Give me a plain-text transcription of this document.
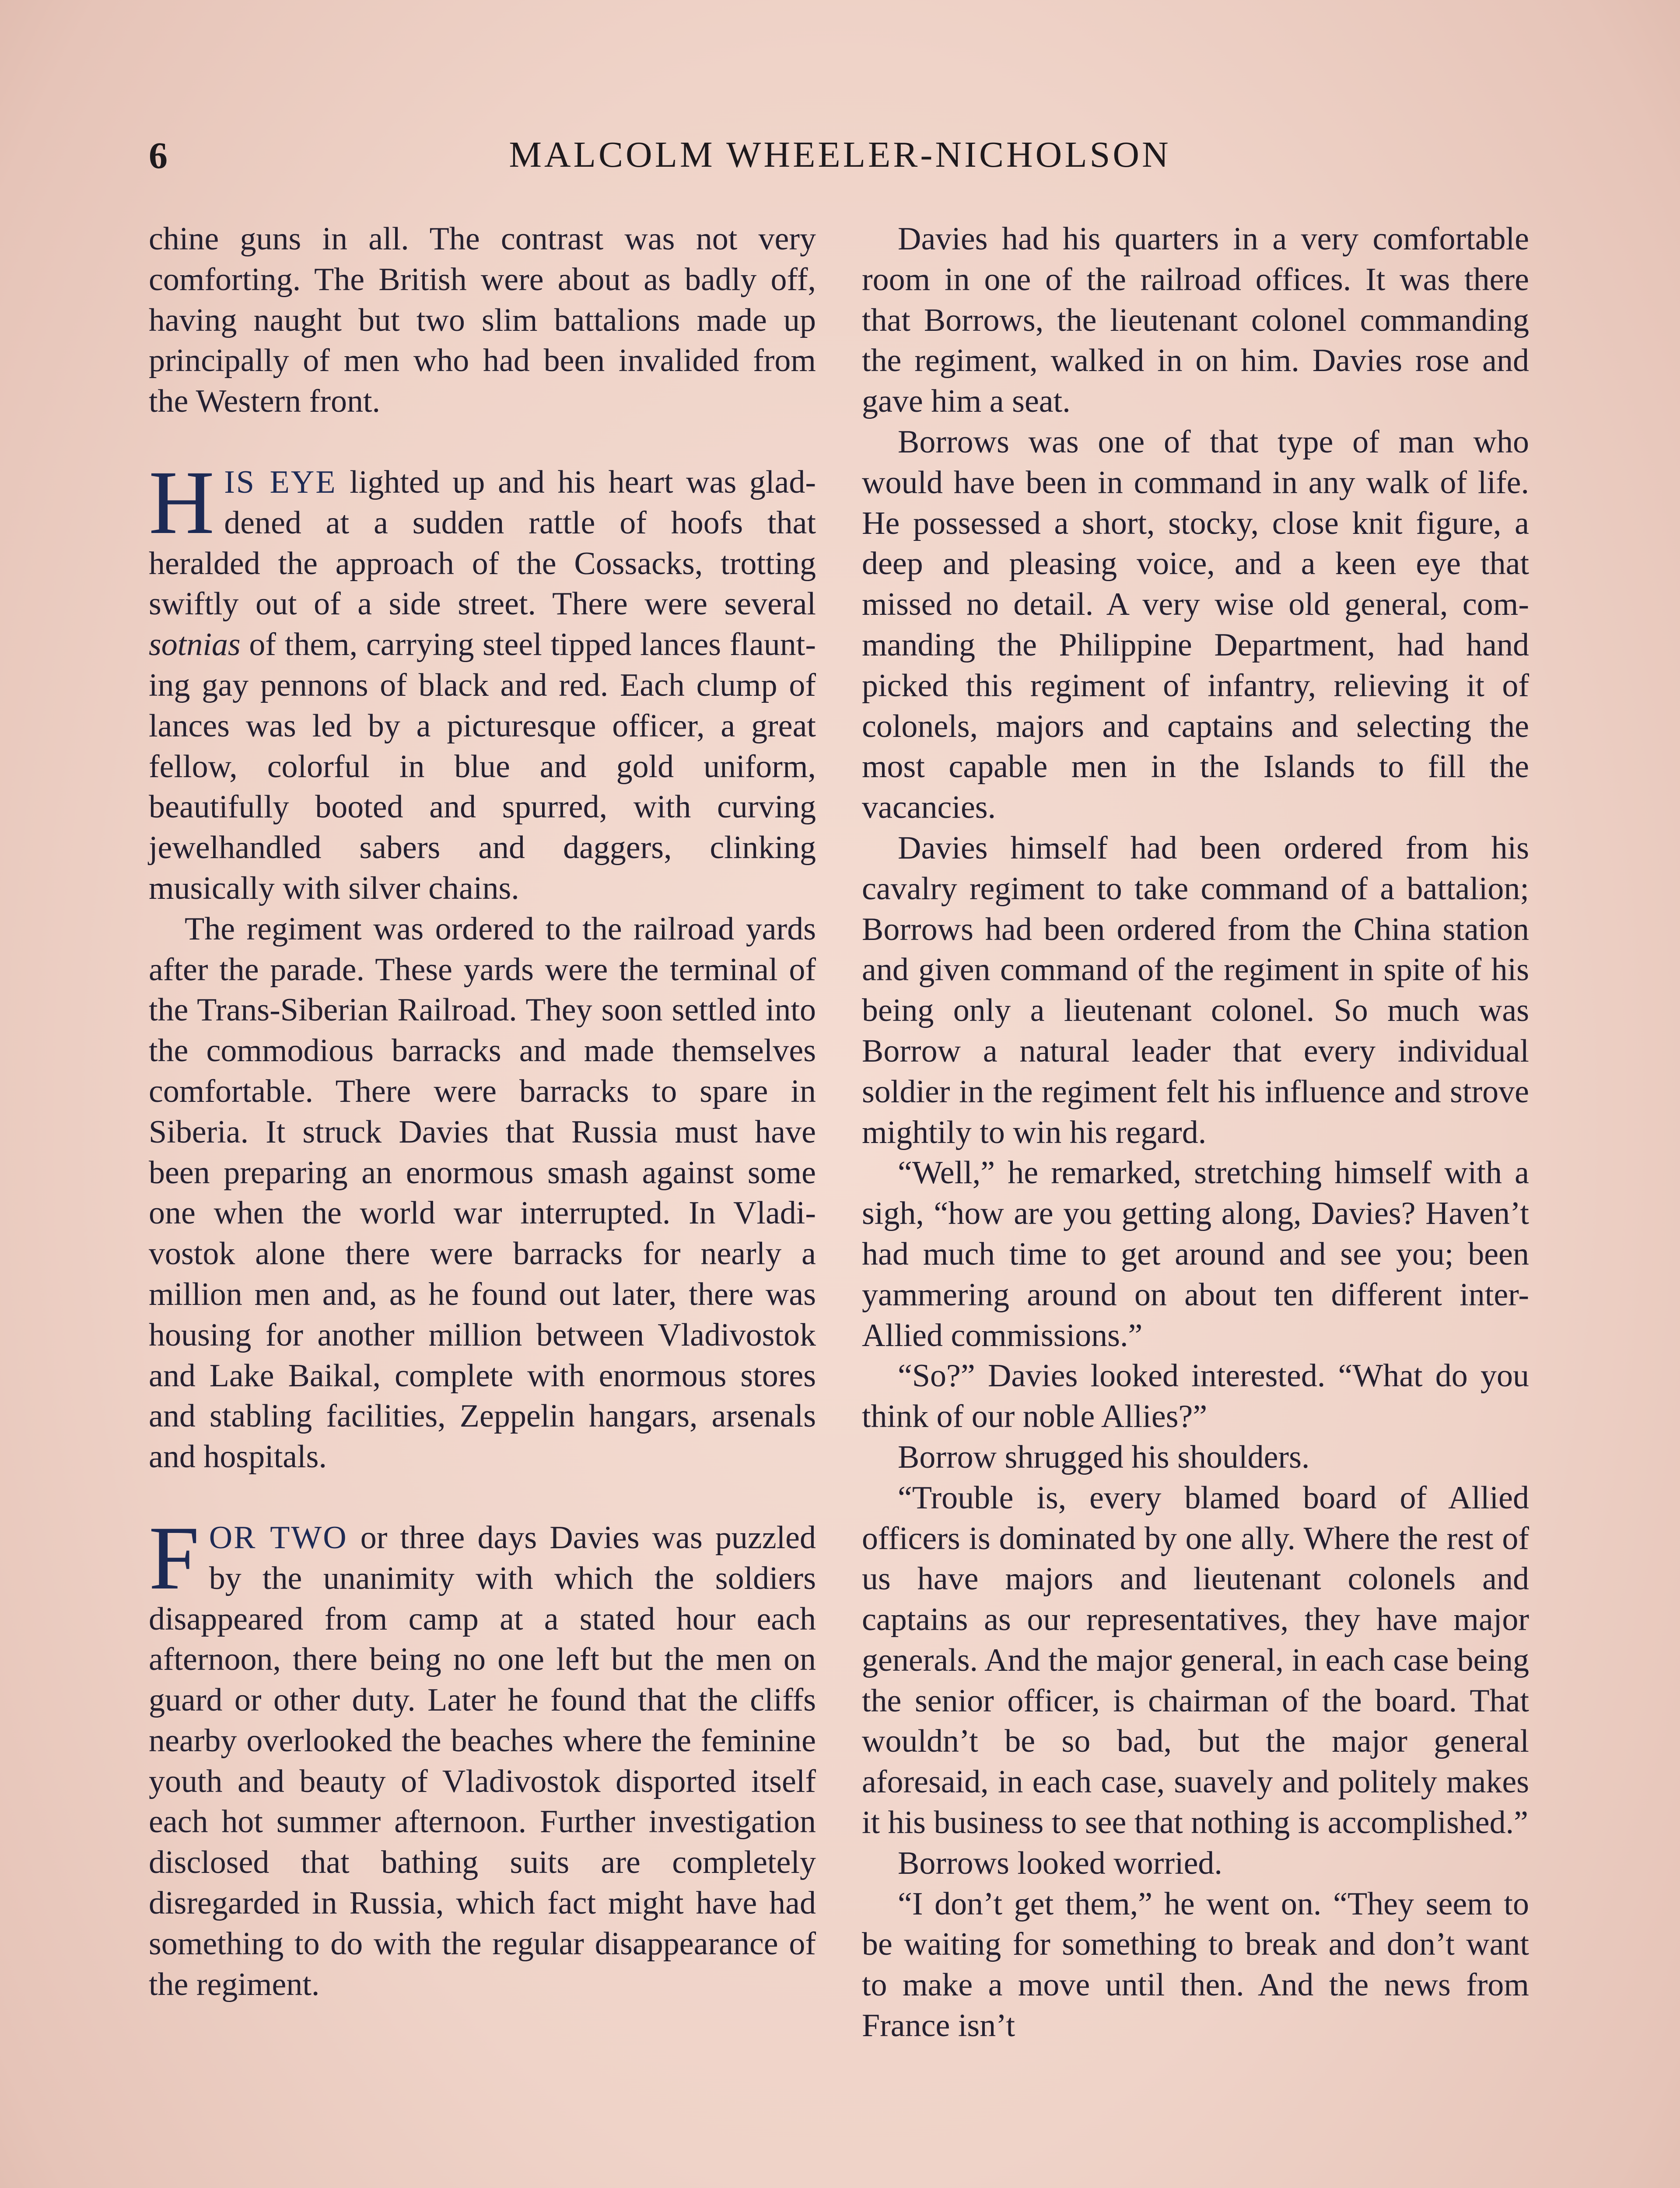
6	MALCOLM WHEELER-NICHOLSON

chine guns in all. The contrast was not very comforting. The British were about as badly off, having naught but two slim battalions made up principally of men who had been invalided from the Western front.

HIS EYE lighted up and his heart was gladdened at a sudden rattle of hoofs that heralded the approach of the Cossacks, trotting swiftly out of a side street. There were several sotnias of them, carrying steel tipped lances flaunting gay pennons of black and red. Each clump of lances was led by a picturesque officer, a great fellow, colorful in blue and gold uniform, beautifully booted and spurred, with curving jewelhandled sabers and daggers, clinking musically with silver chains.

The regiment was ordered to the railroad yards after the parade. These yards were the terminal of the Trans-Siberian Railroad. They soon settled into the commodious barracks and made themselves comfortable. There were barracks to spare in Siberia. It struck Davies that Russia must have been preparing an enormous smash against some one when the world war interrupted. In Vladivostok alone there were barracks for nearly a million men and, as he found out later, there was housing for another million between Vladivostok and Lake Baikal, complete with enormous stores and stabling facilities, Zeppelin hangars, arsenals and hospitals.

FOR TWO or three days Davies was puzzled by the unanimity with which the soldiers disappeared from camp at a stated hour each afternoon, there being no one left but the men on guard or other duty. Later he found that the cliffs nearby overlooked the beaches where the feminine youth and beauty of Vladivostok disported itself each hot summer afternoon. Further investigation disclosed that bathing suits are completely disregarded in Russia, which fact might have had something to do with the regular disappearance of the regiment.

Davies had his quarters in a very comfortable room in one of the railroad offices. It was there that Borrows, the lieutenant colonel commanding the regiment, walked in on him. Davies rose and gave him a seat.

Borrows was one of that type of man who would have been in command in any walk of life. He possessed a short, stocky, close knit figure, a deep and pleasing voice, and a keen eye that missed no detail. A very wise old general, commanding the Philippine Department, had hand picked this regiment of infantry, relieving it of colonels, majors and captains and selecting the most capable men in the Islands to fill the vacancies.

Davies himself had been ordered from his cavalry regiment to take command of a battalion; Borrows had been ordered from the China station and given command of the regiment in spite of his being only a lieutenant colonel. So much was Borrow a natural leader that every individual soldier in the regiment felt his influence and strove mightily to win his regard.

“Well,” he remarked, stretching himself with a sigh, “how are you getting along, Davies? Haven’t had much time to get around and see you; been yammering around on about ten different inter-Allied commissions.”

“So?” Davies looked interested. “What do you think of our noble Allies?”

Borrow shrugged his shoulders.

“Trouble is, every blamed board of Allied officers is dominated by one ally. Where the rest of us have majors and lieutenant colonels and captains as our representatives, they have major generals. And the major general, in each case being the senior officer, is chairman of the board. That wouldn’t be so bad, but the major general aforesaid, in each case, suavely and politely makes it his business to see that nothing is accomplished.”

Borrows looked worried.

“I don’t get them,” he went on. “They seem to be waiting for something to break and don’t want to make a move until then. And the news from France isn’t
